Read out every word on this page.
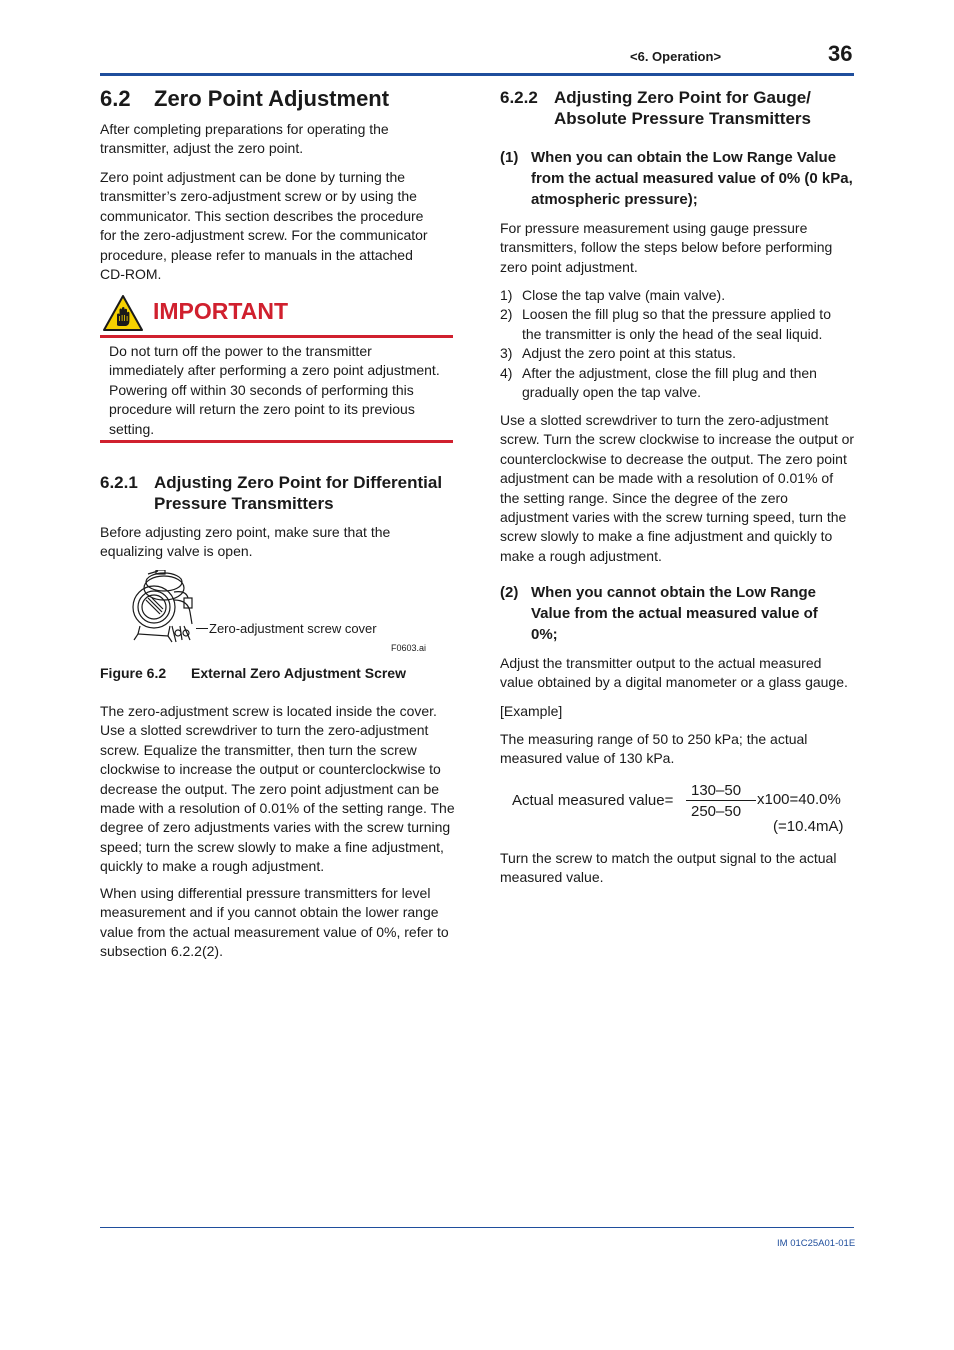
<6. Operation>	36
6.2 Zero Point Adjustment

After completing preparations for operating the transmitter, adjust the zero point.

Zero point adjustment can be done by turning the transmitter’s zero-adjustment screw or by using the communicator. This section describes the procedure for the zero-adjustment screw. For the communicator procedure, please refer to manuals in the attached CD-ROM.

IMPORTANT

Do not turn off the power to the transmitter immediately after performing a zero point adjustment. Powering off within 30 seconds of performing this procedure will return the zero point to its previous setting.

6.2.1 Adjusting Zero Point for Differential Pressure Transmitters

Before adjusting zero point, make sure that the equalizing valve is open.

Zero-adjustment screw cover
F0603.ai
Figure 6.2 External Zero Adjustment Screw

The zero-adjustment screw is located inside the cover. Use a slotted screwdriver to turn the zero-adjustment screw. Equalize the transmitter, then turn the screw clockwise to increase the output or counterclockwise to decrease the output. The zero point adjustment can be made with a resolution of 0.01% of the setting range. The degree of zero adjustments varies with the screw turning speed; turn the screw slowly to make a fine adjustment, quickly to make a rough adjustment.

When using differential pressure transmitters for level measurement and if you cannot obtain the lower range value from the actual measurement value of 0%, refer to subsection 6.2.2(2).

6.2.2 Adjusting Zero Point for Gauge/ Absolute Pressure Transmitters
(1) When you can obtain the Low Range Value from the actual measured value of 0% (0 kPa, atmospheric pressure);

For pressure measurement using gauge pressure transmitters, follow the steps below before performing zero point adjustment.

1) Close the tap valve (main valve).
2) Loosen the fill plug so that the pressure applied to the transmitter is only the head of the seal liquid.
3) Adjust the zero point at this status.
4) After the adjustment, close the fill plug and then gradually open the tap valve.

Use a slotted screwdriver to turn the zero-adjustment screw. Turn the screw clockwise to increase the output or counterclockwise to decrease the output. The zero point adjustment can be made with a resolution of 0.01% of the setting range. Since the degree of the zero adjustment varies with the screw turning speed, turn the screw slowly to make a fine adjustment and quickly to make a rough adjustment.

(2) When you cannot obtain the Low Range Value from the actual measured value of 0%;

Adjust the transmitter output to the actual measured value obtained by a digital manometer or a glass gauge.

[Example]

The measuring range of 50 to 250 kPa; the actual measured value of 130 kPa.

Actual measured value=
130–50
250–50
x100=40.0%
(=10.4mA)

Turn the screw to match the output signal to the actual measured value.

IM 01C25A01-01E
